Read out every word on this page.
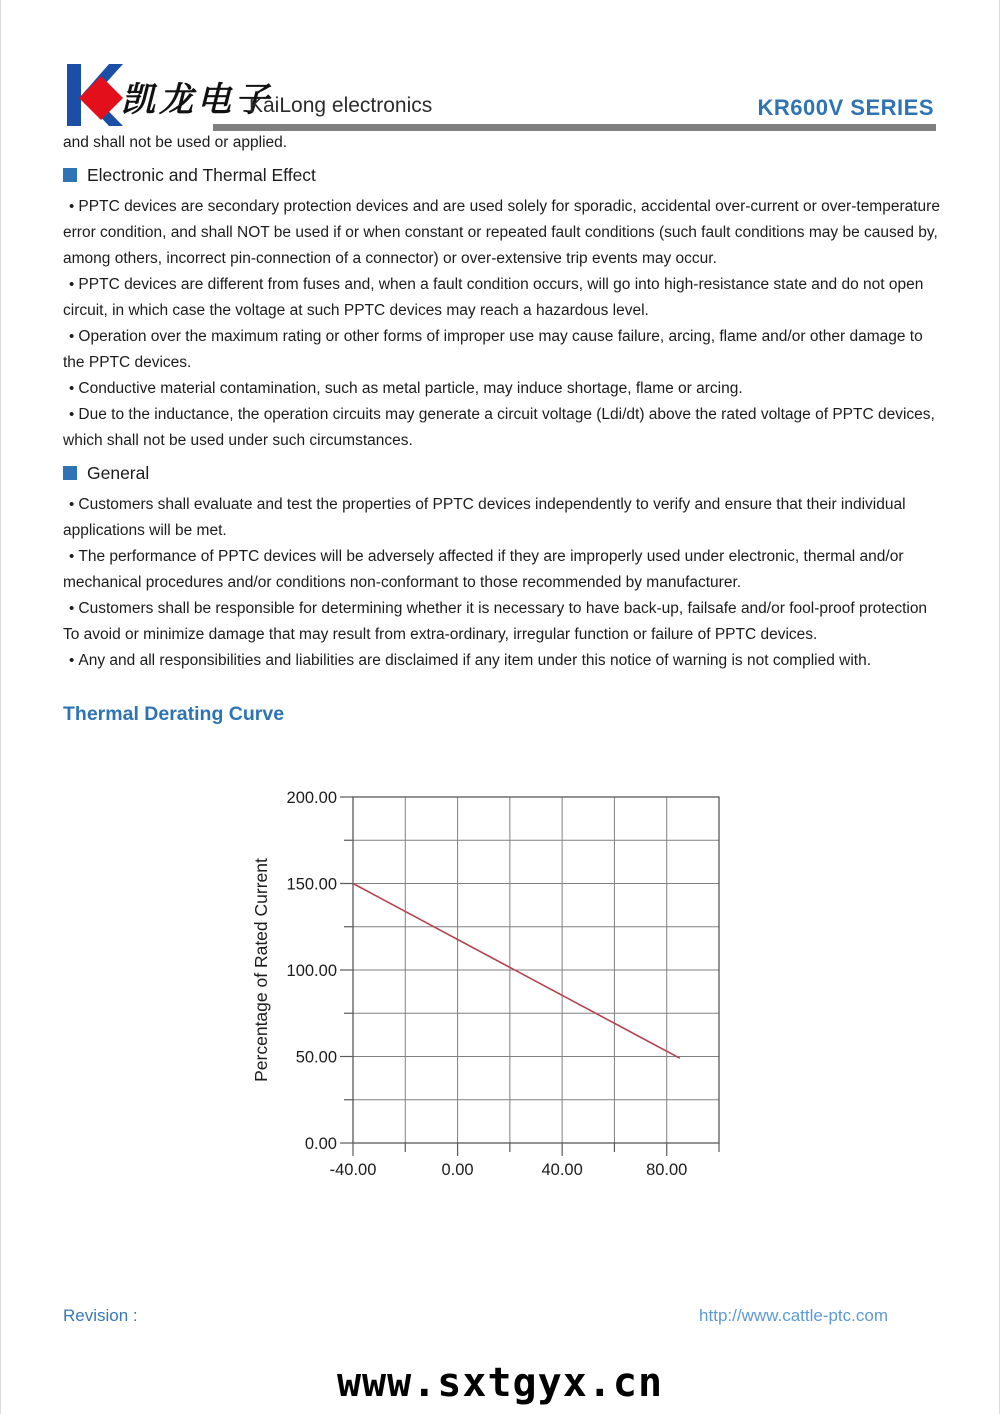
凯龙电子
KaiLong electronics	KR600V SERIES

and shall not be used or applied.

Electronic and Thermal Effect

• PPTC devices are secondary protection devices and are used solely for sporadic, accidental over-current or over-temperature error condition, and shall NOT be used if or when constant or repeated fault conditions (such fault conditions may be caused by, among others, incorrect pin-connection of a connector) or over-extensive trip events may occur.

• PPTC devices are different from fuses and, when a fault condition occurs, will go into high-resistance state and do not open circuit, in which case the voltage at such PPTC devices may reach a hazardous level.

• Operation over the maximum rating or other forms of improper use may cause failure, arcing, flame and/or other damage to the PPTC devices.

• Conductive material contamination, such as metal particle, may induce shortage, flame or arcing.

• Due to the inductance, the operation circuits may generate a circuit voltage (Ldi/dt) above the rated voltage of PPTC devices, which shall not be used under such circumstances.

General

• Customers shall evaluate and test the properties of PPTC devices independently to verify and ensure that their individual applications will be met.

• The performance of PPTC devices will be adversely affected if they are improperly used under electronic, thermal and/or mechanical procedures and/or conditions non-conformant to those recommended by manufacturer.

• Customers shall be responsible for determining whether it is necessary to have back-up, failsafe and/or fool-proof protection To avoid or minimize damage that may result from extra-ordinary, irregular function or failure of PPTC devices.

• Any and all responsibilities and liabilities are disclaimed if any item under this notice of warning is not complied with.

Thermal Derating Curve
-40.00	0.00	40.00	80.00
0.00
50.00
100.00
150.00
200.00
Percentage of Rated Current
Revision :	http://www.cattle-ptc.com
www.sxtgyx.cn
